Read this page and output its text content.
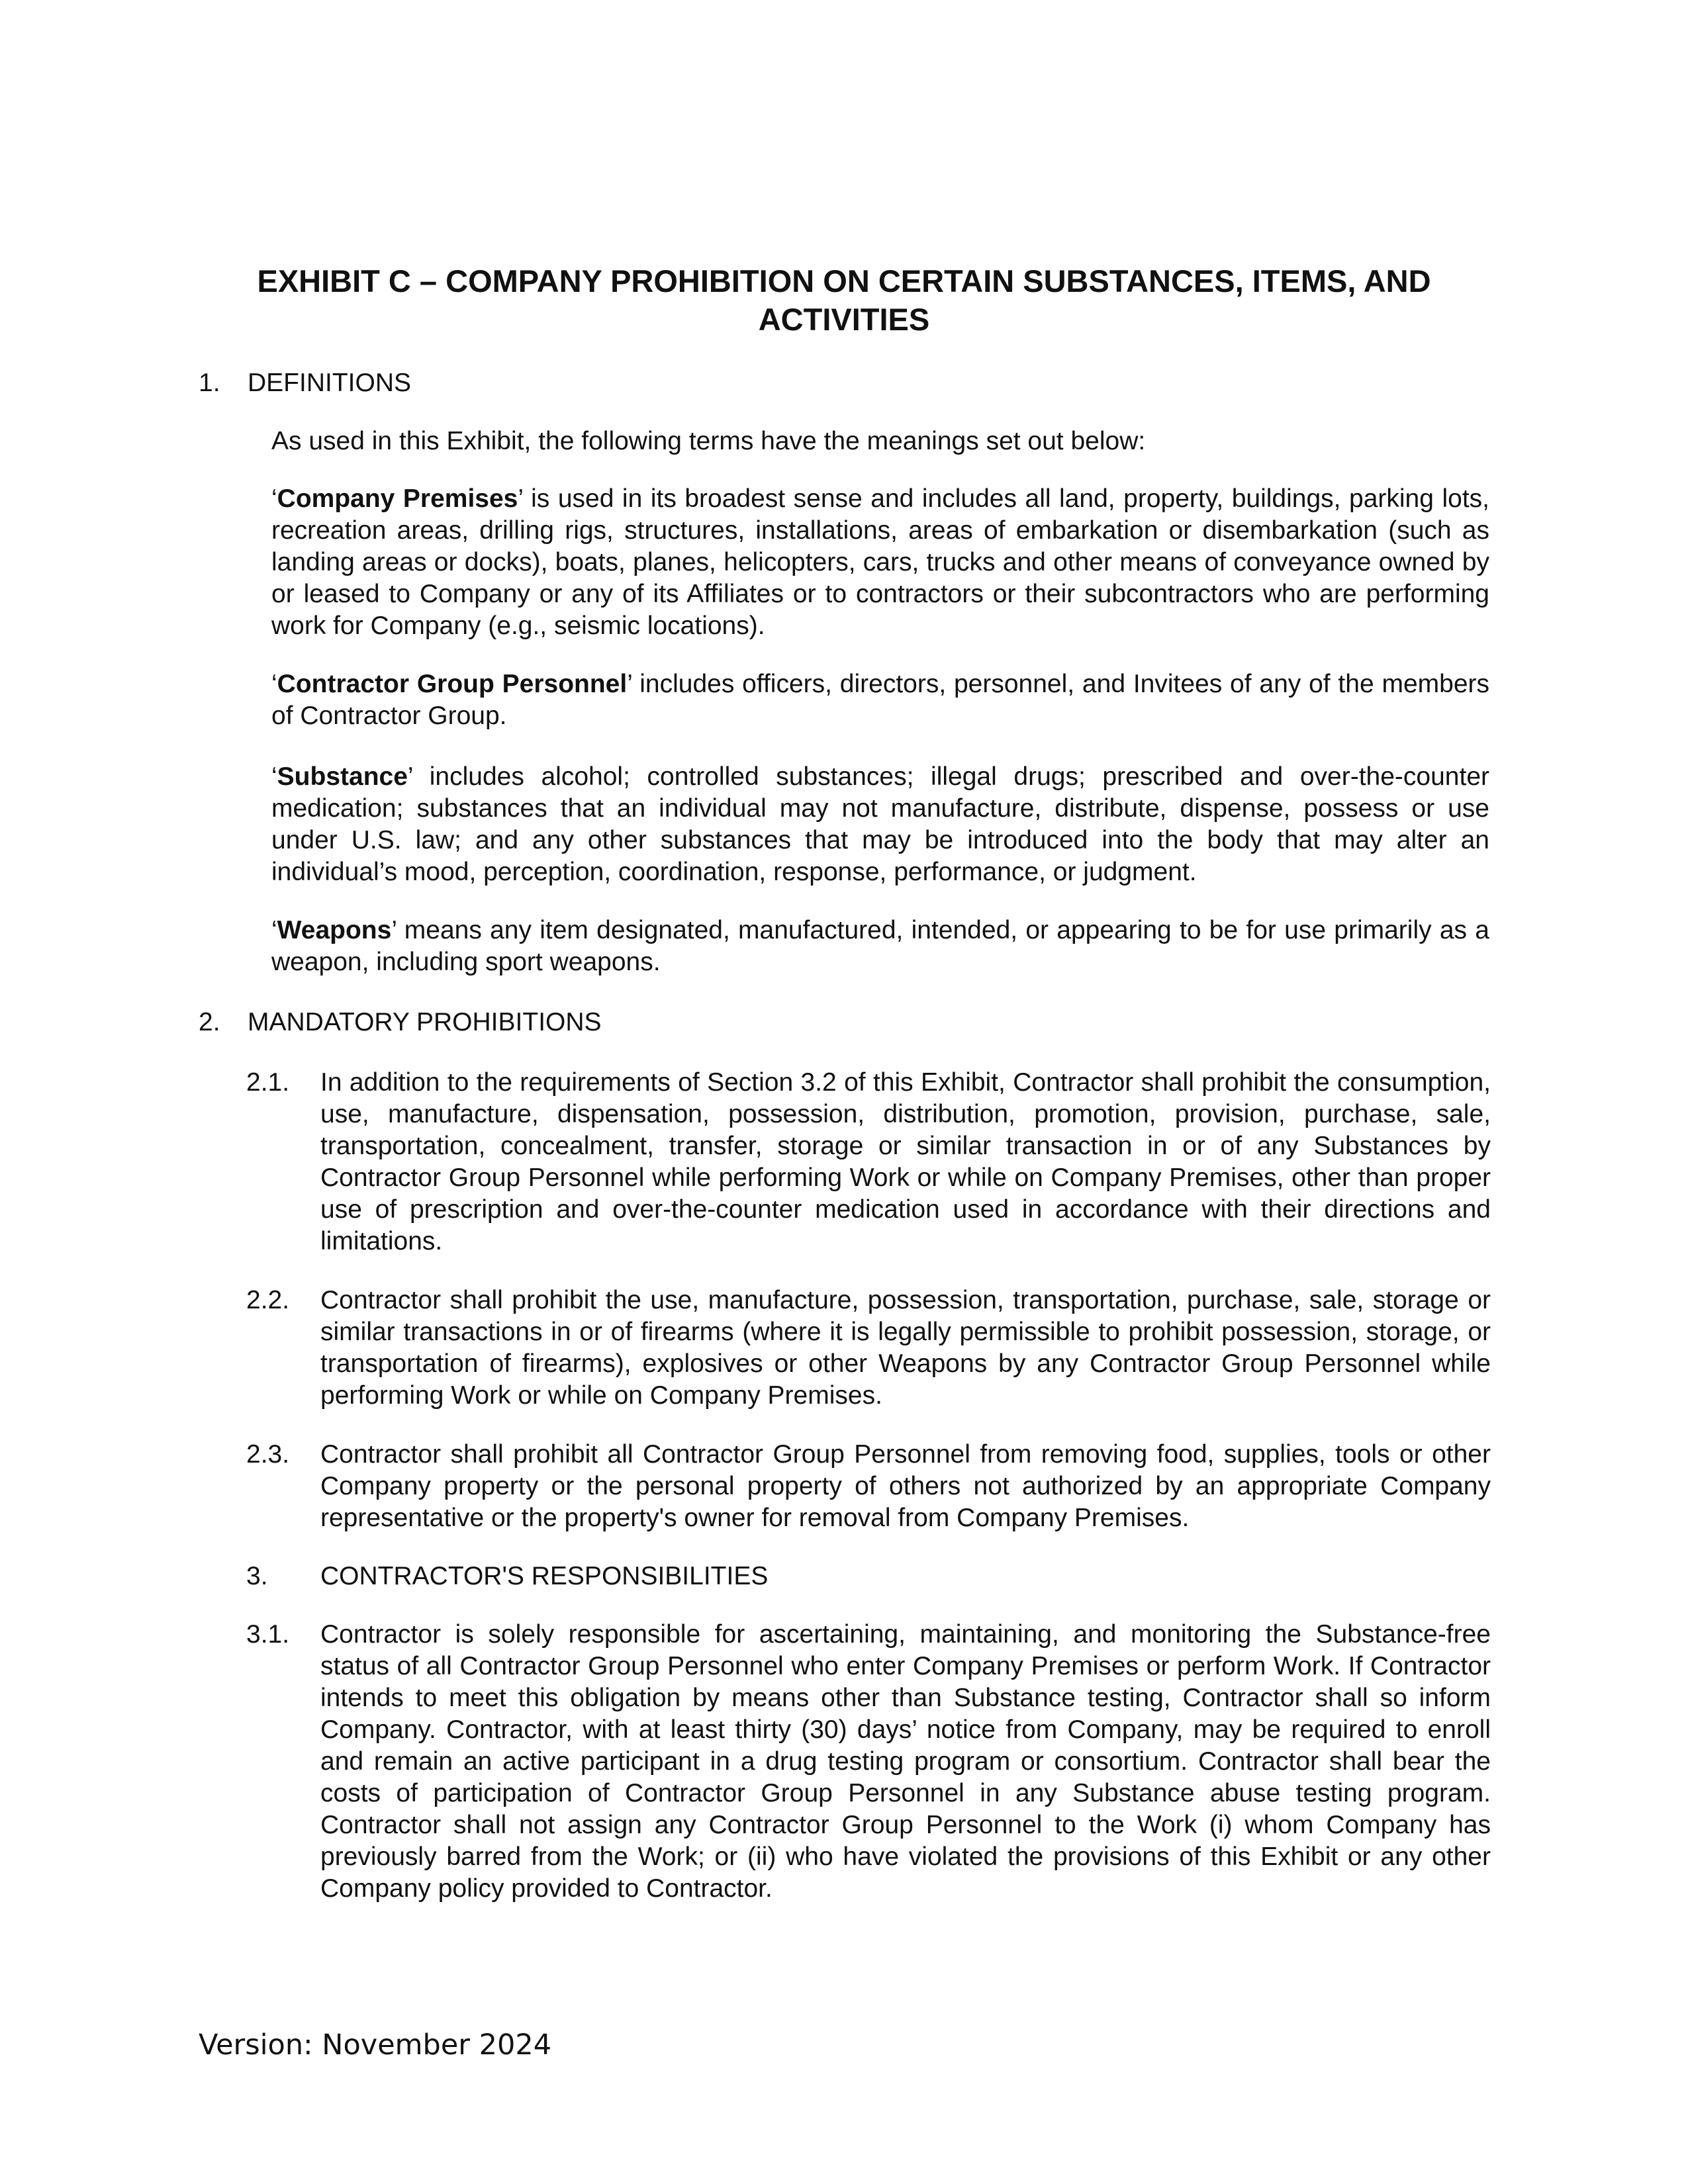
EXHIBIT C – COMPANY PROHIBITION ON CERTAIN SUBSTANCES, ITEMS, AND ACTIVITIES
1. DEFINITIONS

As used in this Exhibit, the following terms have the meanings set out below:

‘Company Premises’ is used in its broadest sense and includes all land, property, buildings, parking lots, recreation areas, drilling rigs, structures, installations, areas of embarkation or disembarkation (such as landing areas or docks), boats, planes, helicopters, cars, trucks and other means of conveyance owned by or leased to Company or any of its Affiliates or to contractors or their subcontractors who are performing work for Company (e.g., seismic locations).

‘Contractor Group Personnel’ includes officers, directors, personnel, and Invitees of any of the members of Contractor Group.

‘Substance’ includes alcohol; controlled substances; illegal drugs; prescribed and over-the-counter medication; substances that an individual may not manufacture, distribute, dispense, possess or use under U.S. law; and any other substances that may be introduced into the body that may alter an individual’s mood, perception, coordination, response, performance, or judgment.

‘Weapons’ means any item designated, manufactured, intended, or appearing to be for use primarily as a weapon, including sport weapons.

2. MANDATORY PROHIBITIONS
2.1. In addition to the requirements of Section 3.2 of this Exhibit, Contractor shall prohibit the consumption, use, manufacture, dispensation, possession, distribution, promotion, provision, purchase, sale, transportation, concealment, transfer, storage or similar transaction in or of any Substances by Contractor Group Personnel while performing Work or while on Company Premises, other than proper use of prescription and over-the-counter medication used in accordance with their directions and limitations.

2.2. Contractor shall prohibit the use, manufacture, possession, transportation, purchase, sale, storage or similar transactions in or of firearms (where it is legally permissible to prohibit possession, storage, or transportation of firearms), explosives or other Weapons by any Contractor Group Personnel while performing Work or while on Company Premises.

2.3. Contractor shall prohibit all Contractor Group Personnel from removing food, supplies, tools or other Company property or the personal property of others not authorized by an appropriate Company representative or the property's owner for removal from Company Premises.

3. CONTRACTOR'S RESPONSIBILITIES
3.1. Contractor is solely responsible for ascertaining, maintaining, and monitoring the Substance-free status of all Contractor Group Personnel who enter Company Premises or perform Work. If Contractor intends to meet this obligation by means other than Substance testing, Contractor shall so inform Company. Contractor, with at least thirty (30) days’ notice from Company, may be required to enroll and remain an active participant in a drug testing program or consortium. Contractor shall bear the costs of participation of Contractor Group Personnel in any Substance abuse testing program. Contractor shall not assign any Contractor Group Personnel to the Work (i) whom Company has previously barred from the Work; or (ii) who have violated the provisions of this Exhibit or any other Company policy provided to Contractor.

Version: November 2024
